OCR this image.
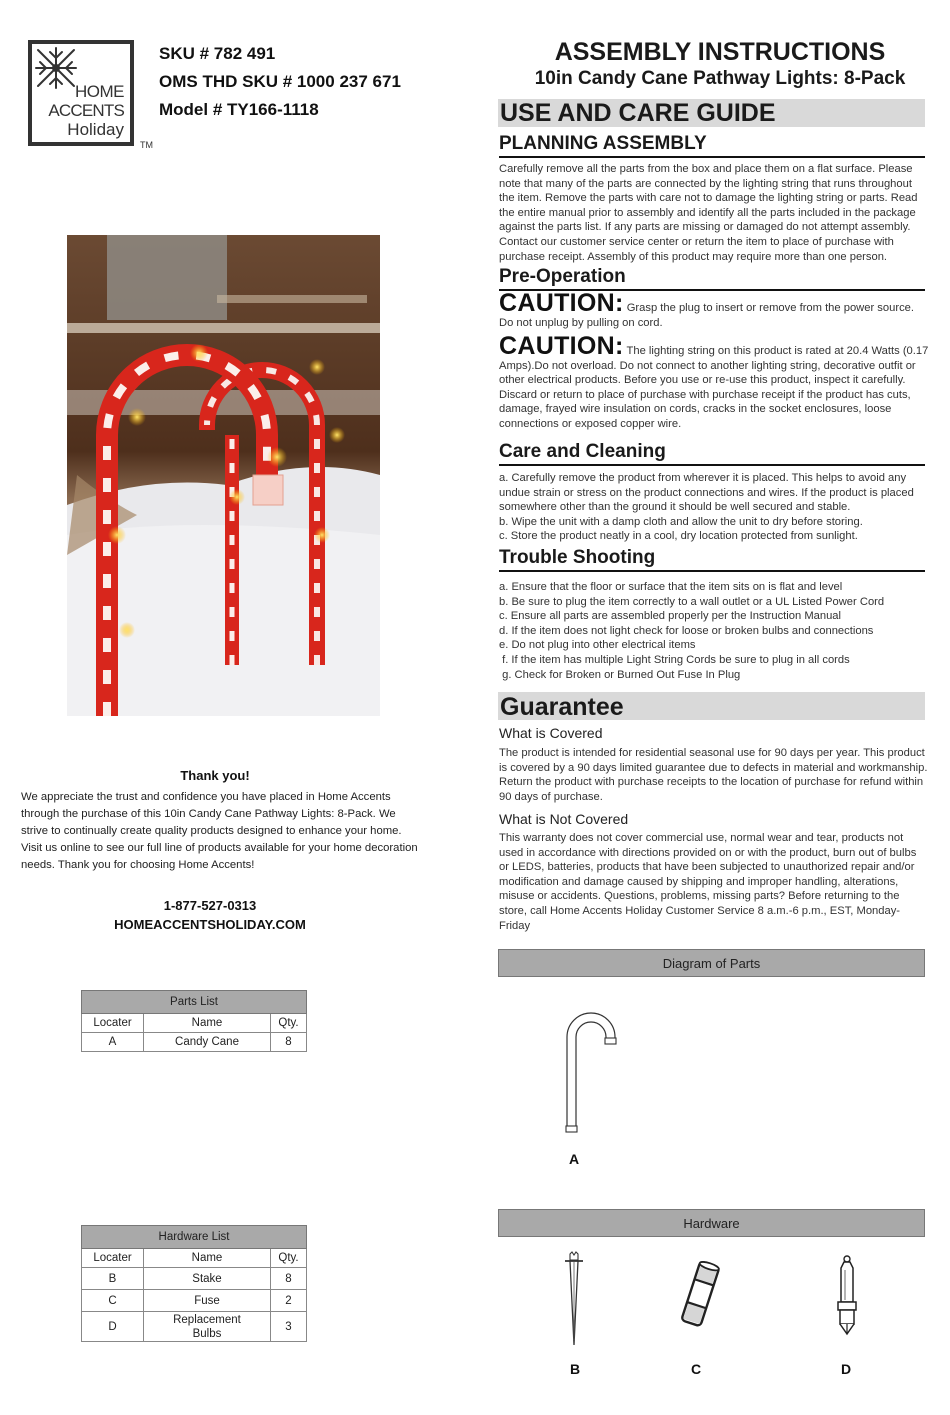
HOME
ACCENTS
Holiday
TM
SKU # 782 491
OMS THD SKU # 1000 237 671
Model # TY166-1118
ASSEMBLY INSTRUCTIONS
10in Candy Cane Pathway Lights: 8-Pack
USE AND CARE GUIDE
PLANNING ASSEMBLY
Carefully remove all the parts from the box and place them on a flat surface. Please note that many of the parts are connected by the lighting string that runs throughout the item. Remove the parts with care not to damage the lighting string or parts. Read the entire manual prior to assembly and identify all the parts included in the package against the parts list. If any parts are missing or damaged do not attempt assembly. Contact our customer service center or return the item to place of purchase with purchase receipt. Assembly of this product may require more than one person.
Pre-Operation
CAUTION: Grasp the plug to insert or remove from the power source. Do not unplug by pulling on cord.
CAUTION: The lighting string on this product is rated at 20.4 Watts (0.17 Amps).Do not overload. Do not connect to another lighting string, decorative outfit or other electrical products. Before you use or re-use this product, inspect it carefully. Discard or return to place of purchase with purchase receipt if the product has cuts, damage, frayed wire insulation on cords, cracks in the socket enclosures, loose connections or exposed copper wire.
Care and Cleaning
a. Carefully remove the product from wherever it is placed. This helps to avoid any undue strain or stress on the product connections and wires. If the product is placed somewhere other than the ground it should be well secured and stable.
b. Wipe the unit with a damp cloth and allow the unit to dry before storing.
c. Store the product neatly in a cool, dry location protected from sunlight.
Trouble Shooting
a. Ensure that the floor or surface that the item sits on is flat and level
b. Be sure to plug the item correctly to a wall outlet or a UL Listed Power Cord
c. Ensure all parts are assembled properly per the Instruction Manual
d. If the item does not light check for loose or broken bulbs and connections
e. Do not plug into other electrical items
f. If the item has multiple Light String Cords be sure to plug in all cords
g. Check for Broken or Burned Out Fuse In Plug
Guarantee
What is Covered
The product is intended for residential seasonal use for 90 days per year. This product is covered by a 90 days limited guarantee due to defects in material and workmanship. Return the product with purchase receipts to the location of purchase for refund within 90 days of purchase.
What is Not Covered
This warranty does not cover commercial use, normal wear and tear, products not used in accordance with directions provided on or with the product, burn out of bulbs or LEDS, batteries, products that have been subjected to unauthorized repair and/or modification and damage caused by shipping and improper handling, alterations, misuse or accidents. Questions, problems, missing parts? Before returning to the store, call Home Accents Holiday Customer Service 8 a.m.-6 p.m., EST, Monday-Friday
Diagram of Parts
A
Hardware
B	C	D
Thank you!
We appreciate the trust and confidence you have placed in Home Accents through the purchase of this 10in Candy Cane Pathway Lights: 8-Pack. We strive to continually create quality products designed to enhance your home. Visit us online to see our full line of products available for your home decoration needs. Thank you for choosing Home Accents!
1-877-527-0313
HOMEACCENTSHOLIDAY.COM
Parts List		
Locater	Name	Qty.
A	Candy Cane	8
Hardware List		
Locater	Name	Qty.
B	Stake	8
C	Fuse	2
D	Replacement Bulbs	3
